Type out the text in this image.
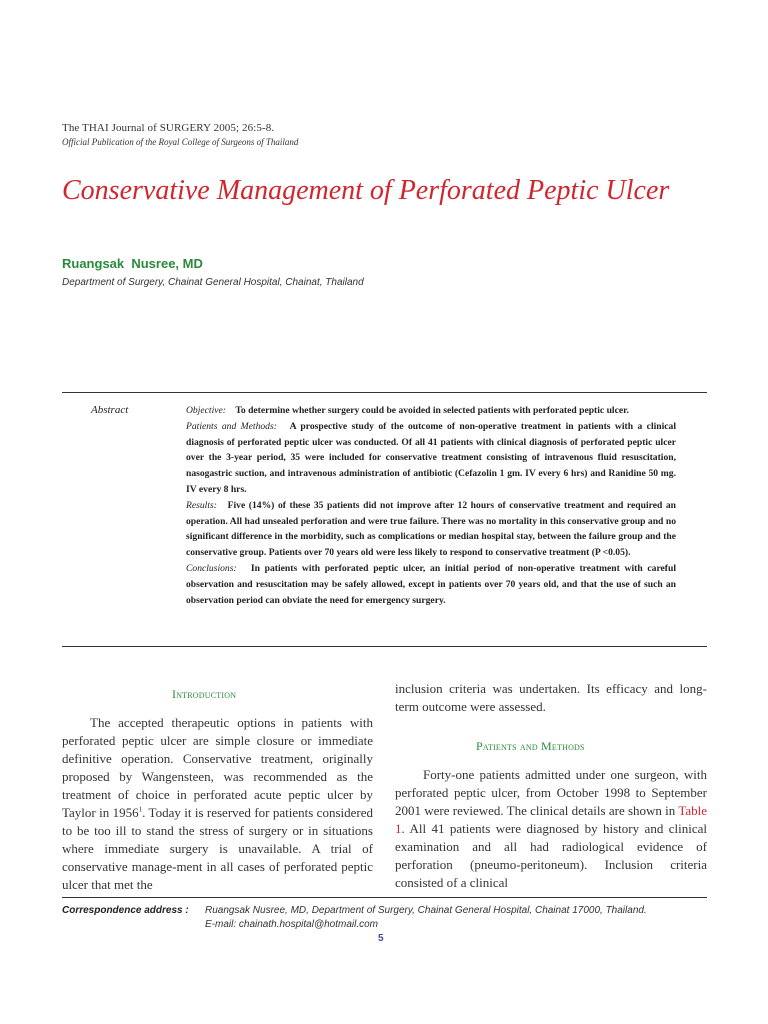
The THAI Journal of SURGERY 2005; 26:5-8.
Official Publication of the Royal College of Surgeons of Thailand
Conservative Management of Perforated Peptic Ulcer
Ruangsak  Nusree, MD
Department of Surgery, Chainat General Hospital, Chainat, Thailand
Abstract	Objective: To determine whether surgery could be avoided in selected patients with perforated peptic ulcer.

Patients and Methods: A prospective study of the outcome of non-operative treatment in patients with a clinical diagnosis of perforated peptic ulcer was conducted. Of all 41 patients with clinical diagnosis of perforated peptic ulcer over the 3-year period, 35 were included for conservative treatment consisting of intravenous fluid resuscitation, nasogastric suction, and intravenous administration of antibiotic (Cefazolin 1 gm. IV every 6 hrs) and Ranidine 50 mg. IV every 8 hrs.

Results: Five (14%) of these 35 patients did not improve after 12 hours of conservative treatment and required an operation. All had unsealed perforation and were true failure. There was no mortality in this conservative group and no significant difference in the morbidity, such as complications or median hospital stay, between the failure group and the conservative group. Patients over 70 years old were less likely to respond to conservative treatment (P <0.05).

Conclusions: In patients with perforated peptic ulcer, an initial period of non-operative treatment with careful observation and resuscitation may be safely allowed, except in patients over 70 years old, and that the use of such an observation period can obviate the need for emergency surgery.

Introduction

The accepted therapeutic options in patients with perforated peptic ulcer are simple closure or immediate definitive operation. Conservative treatment, originally proposed by Wangensteen, was recommended as the treatment of choice in perforated acute peptic ulcer by Taylor in 1956$^1$. Today it is reserved for patients considered to be too ill to stand the stress of surgery or in situations where immediate surgery is unavailable. A trial of conservative manage-ment in all cases of perforated peptic ulcer that met the

inclusion criteria was undertaken. Its efficacy and long-term outcome were assessed.

Patients and Methods

Forty-one patients admitted under one surgeon, with perforated peptic ulcer, from October 1998 to September 2001 were reviewed. The clinical details are shown in Table 1. All 41 patients were diagnosed by history and clinical examination and all had radiological evidence of perforation (pneumo-peritoneum). Inclusion criteria consisted of a clinical

Correspondence address : Ruangsak Nusree, MD, Department of Surgery, Chainat General Hospital, Chainat 17000, Thailand.
E-mail: chainath.hospital@hotmail.com
5
